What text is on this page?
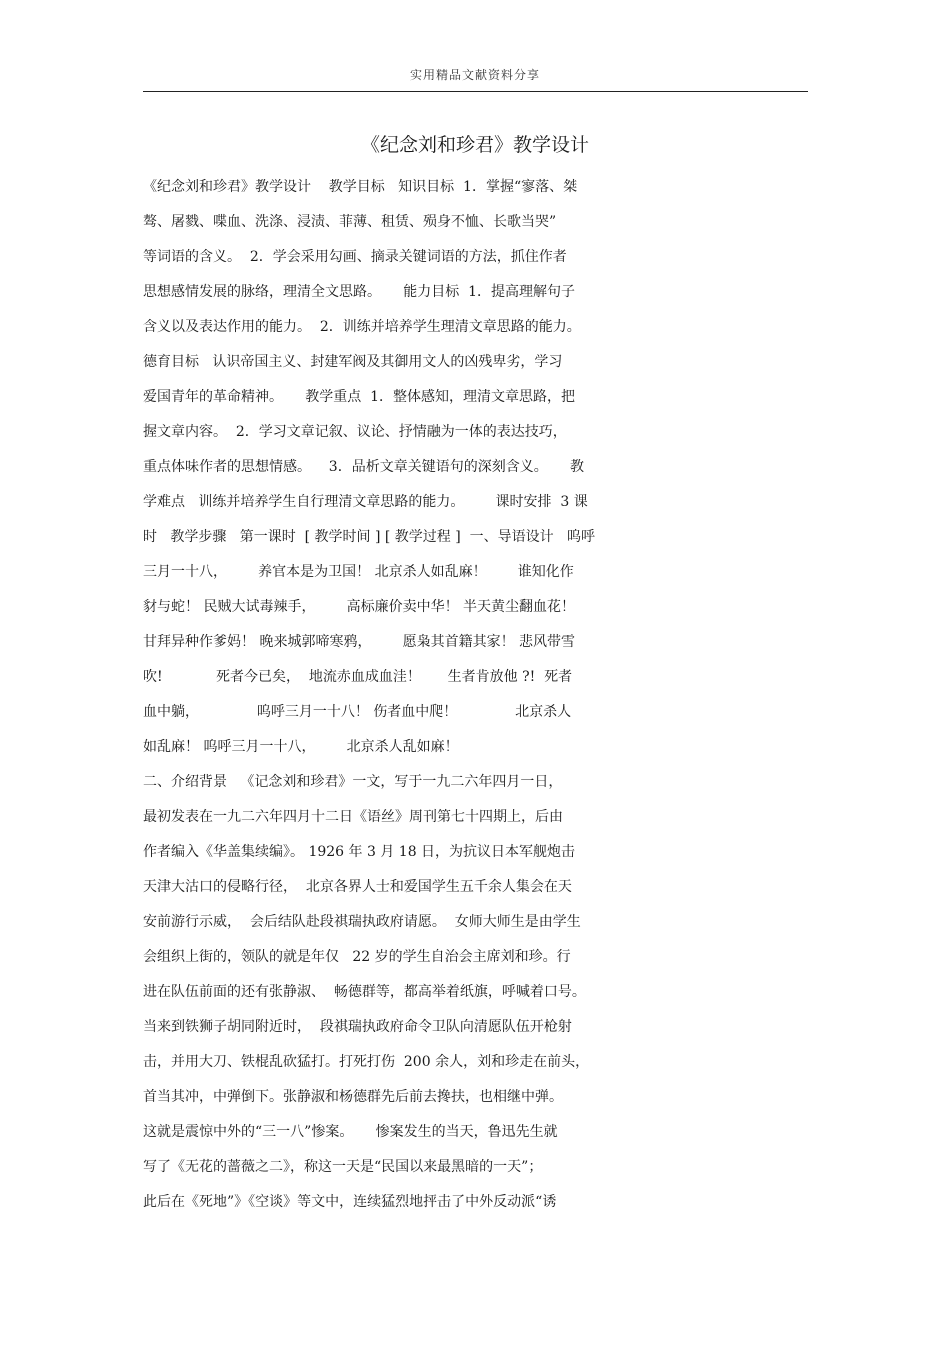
实用精品文献资料分享
《纪念刘和珍君》教学设计
《纪念刘和珍君》教学设计    教学目标   知识目标  1．掌握“寥落、桀
骜、屠戮、喋血、洗涤、浸渍、菲薄、租赁、殒身不恤、长歌当哭”
等词语的含义。  2．学会采用勾画、摘录关键词语的方法，抓住作者
思想感情发展的脉络，理清全文思路。     能力目标  1．提高理解句子
含义以及表达作用的能力。  2．训练并培养学生理清文章思路的能力。
德育目标   认识帝国主义、封建军阀及其御用文人的凶残卑劣，学习
爱国青年的革命精神。     教学重点  1．整体感知，理清文章思路，把
握文章内容。  2．学习文章记叙、议论、抒情融为一体的表达技巧，
重点体味作者的思想情感。    3．品析文章关键语句的深刻含义。     教
学难点   训练并培养学生自行理清文章思路的能力。       课时安排  3 课
时   教学步骤   第一课时  [ 教学时间 ] [ 教学过程 ]  一、导语设计   呜呼
三月一十八，       养官本是为卫国！ 北京杀人如乱麻！       谁知化作
豺与蛇！ 民贼大试毒辣手，       高标廉价卖中华！ 半天黄尘翻血花！
甘拜异种作爹妈！ 晚来城郭啼寒鸦，       愿枭其首籍其家！ 悲风带雪
吹!            死者今已矣，  地流赤血成血洼！      生者肯放他 ?!  死者
血中躺，             呜呼三月一十八！ 伤者血中爬！             北京杀人
如乱麻！ 呜呼三月一十八，       北京杀人乱如麻！
二、介绍背景   《记念刘和珍君》一文，写于一九二六年四月一日，
最初发表在一九二六年四月十二日《语丝》周刊第七十四期上，后由
作者编入《华盖集续编》。 1926 年 3 月 18 日，为抗议日本军舰炮击
天津大沽口的侵略行径，  北京各界人士和爱国学生五千余人集会在天
安前游行示威，  会后结队赴段祺瑞执政府请愿。  女师大师生是由学生
会组织上街的，领队的就是年仅   22 岁的学生自治会主席刘和珍。行
进在队伍前面的还有张静淑、  畅德群等，都高举着纸旗，呼喊着口号。
当来到铁狮子胡同附近时，  段祺瑞执政府命令卫队向清愿队伍开枪射
击，并用大刀、铁棍乱砍猛打。打死打伤  200 余人，刘和珍走在前头，
首当其冲，中弹倒下。张静淑和杨德群先后前去搀扶，也相继中弹。
这就是震惊中外的“三一八”惨案。     惨案发生的当天，鲁迅先生就
写了《无花的蔷薇之二》，称这一天是“民国以来最黑暗的一天”；
此后在《死地”》《空谈》等文中，连续猛烈地抨击了中外反动派“诱
